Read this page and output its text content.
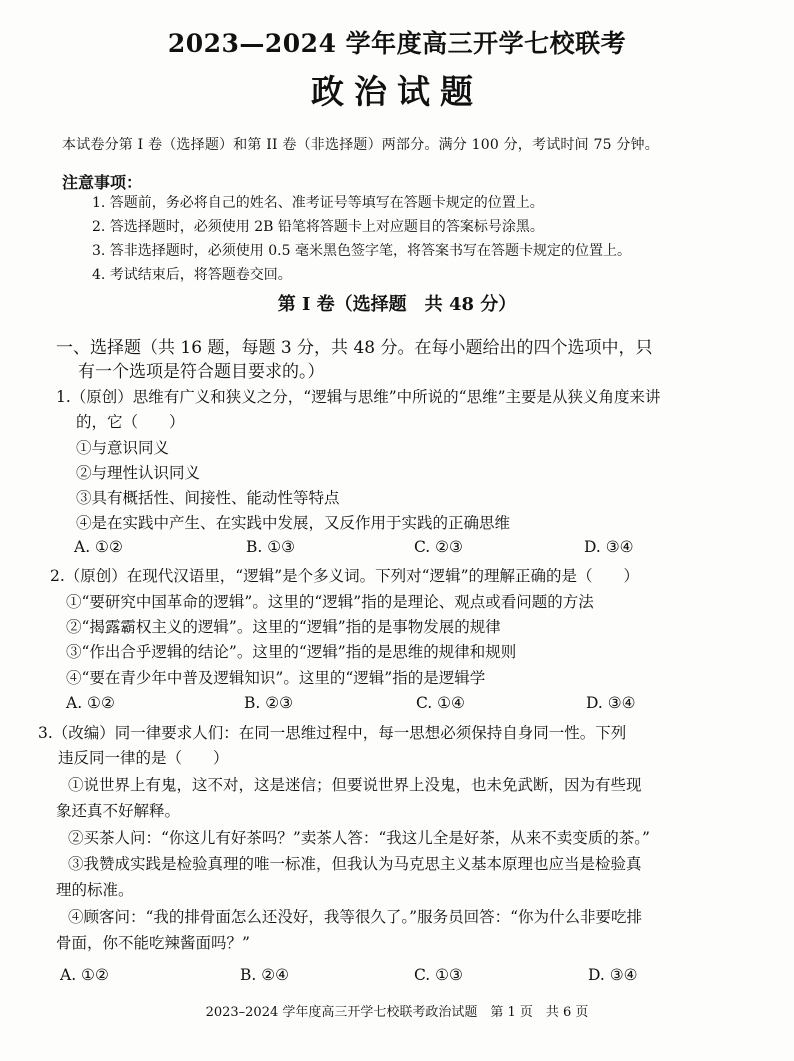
2023—2024 学年度高三开学七校联考
政治试题
本试卷分第 I 卷（选择题）和第 II 卷（非选择题）两部分。满分 100 分，考试时间 75 分钟。
注意事项：
1. 答题前，务必将自己的姓名、准考证号等填写在答题卡规定的位置上。
2. 答选择题时，必须使用 2B 铅笔将答题卡上对应题目的答案标号涂黑。
3. 答非选择题时，必须使用 0.5 毫米黑色签字笔，将答案书写在答题卡规定的位置上。
4. 考试结束后，将答题卷交回。
第 I 卷（选择题　共 48 分）
一、选择题（共 16 题，每题 3 分，共 48 分。在每小题给出的四个选项中，只
有一个选项是符合题目要求的。）
1.（原创）思维有广义和狭义之分，“逻辑与思维”中所说的“思维”主要是从狭义角度来讲
的，它（　　）
①与意识同义
②与理性认识同义
③具有概括性、间接性、能动性等特点
④是在实践中产生、在实践中发展，又反作用于实践的正确思维
A. ①②	B. ①③	C. ②③	D. ③④
2.（原创）在现代汉语里，“逻辑”是个多义词。下列对“逻辑”的理解正确的是（　　）
①“要研究中国革命的逻辑”。这里的“逻辑”指的是理论、观点或看问题的方法
②“揭露霸权主义的逻辑”。这里的“逻辑”指的是事物发展的规律
③“作出合乎逻辑的结论”。这里的“逻辑”指的是思维的规律和规则
④“要在青少年中普及逻辑知识”。这里的“逻辑”指的是逻辑学
A. ①②	B. ②③	C. ①④	D. ③④
3.（改编）同一律要求人们：在同一思维过程中，每一思想必须保持自身同一性。下列
违反同一律的是（　　）
①说世界上有鬼，这不对，这是迷信；但要说世界上没鬼，也未免武断，因为有些现
象还真不好解释。
②买茶人问：“你这儿有好茶吗？”卖茶人答：“我这儿全是好茶，从来不卖变质的茶。”
③我赞成实践是检验真理的唯一标准，但我认为马克思主义基本原理也应当是检验真
理的标准。
④顾客问：“我的排骨面怎么还没好，我等很久了。”服务员回答：“你为什么非要吃排
骨面，你不能吃辣酱面吗？”
A. ①②	B. ②④	C. ①③	D. ③④
2023–2024 学年度高三开学七校联考政治试题　第 1 页　共 6 页
